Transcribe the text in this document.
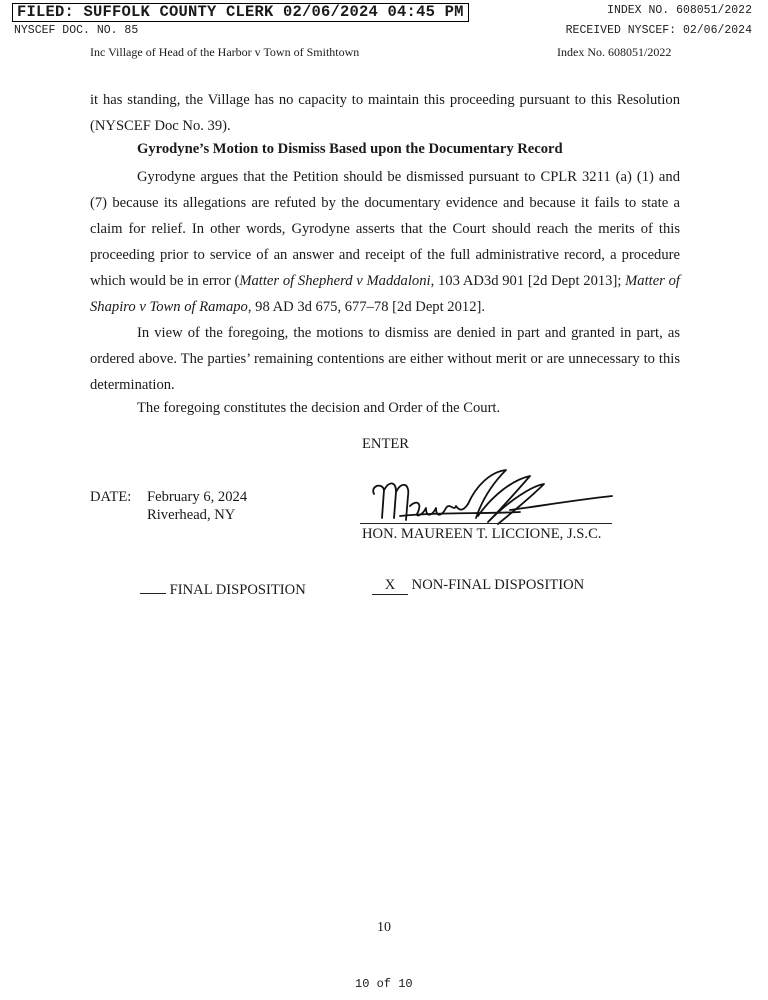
FILED: SUFFOLK COUNTY CLERK 02/06/2024 04:45 PM	INDEX NO. 608051/2022
NYSCEF DOC. NO. 85	RECEIVED NYSCEF: 02/06/2024
Inc Village of Head of the Harbor v Town of Smithtown	Index No. 608051/2022

it has standing, the Village has no capacity to maintain this proceeding pursuant to this Resolution

(NYSCEF Doc No. 39).

Gyrodyne’s Motion to Dismiss Based upon the Documentary Record

Gyrodyne argues that the Petition should be dismissed pursuant to CPLR 3211 (a) (1) and (7) because its allegations are refuted by the documentary evidence and because it fails to state a claim for relief. In other words, Gyrodyne asserts that the Court should reach the merits of this proceeding prior to service of an answer and receipt of the full administrative record, a procedure which would be in error (Matter of Shepherd v Maddaloni, 103 AD3d 901 [2d Dept 2013]; Matter of Shapiro v Town of Ramapo, 98 AD 3d 675, 677–78 [2d Dept 2012].

In view of the foregoing, the motions to dismiss are denied in part and granted in part, as ordered above. The parties’ remaining contentions are either without merit or are unnecessary to this determination.

The foregoing constitutes the decision and Order of the Court.
ENTER
DATE: February 6, 2024
Riverhead, NY
HON. MAUREEN T. LICCIONE, J.S.C.
FINAL DISPOSITION	X NON-FINAL DISPOSITION
10
10 of 10
